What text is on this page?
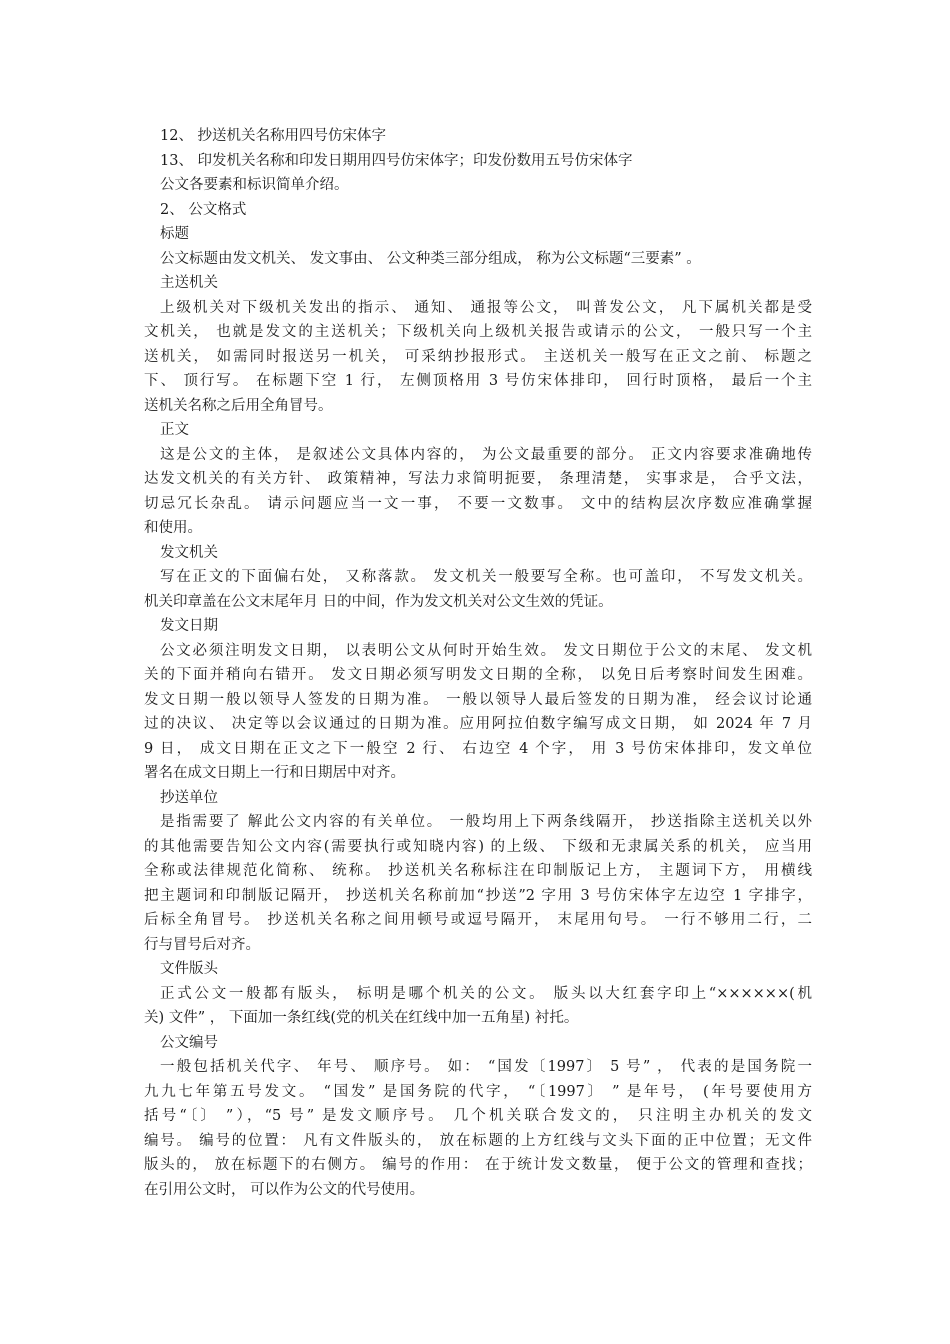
12、 抄送机关名称用四号仿宋体字
13、 印发机关名称和印发日期用四号仿宋体字；印发份数用五号仿宋体字
公文各要素和标识简单介绍。
2、 公文格式
标题
公文标题由发文机关、 发文事由、 公文种类三部分组成， 称为公文标题“三要素” 。
主送机关
上级机关对下级机关发出的指示、 通知、 通报等公文， 叫普发公文， 凡下属机关都是受
文机关， 也就是发文的主送机关；下级机关向上级机关报告或请示的公文， 一般只写一个主
送机关， 如需同时报送另一机关， 可采纳抄报形式。 主送机关一般写在正文之前、 标题之
下、 顶行写。 在标题下空 1 行， 左侧顶格用 3 号仿宋体排印， 回行时顶格， 最后一个主
送机关名称之后用全角冒号。
正文
这是公文的主体， 是叙述公文具体内容的， 为公文最重要的部分。 正文内容要求准确地传
达发文机关的有关方针、 政策精神，写法力求简明扼要， 条理清楚， 实事求是， 合乎文法，
切忌冗长杂乱。 请示问题应当一文一事， 不要一文数事。 文中的结构层次序数应准确掌握
和使用。
发文机关
写在正文的下面偏右处， 又称落款。 发文机关一般要写全称。也可盖印， 不写发文机关。
机关印章盖在公文末尾年月 日的中间，作为发文机关对公文生效的凭证。
发文日期
公文必须注明发文日期， 以表明公文从何时开始生效。 发文日期位于公文的末尾、 发文机
关的下面并稍向右错开。 发文日期必须写明发文日期的全称， 以免日后考察时间发生困难。
发文日期一般以领导人签发的日期为准。 一般以领导人最后签发的日期为准， 经会议讨论通
过的决议、 决定等以会议通过的日期为准。应用阿拉伯数字编写成文日期， 如 2024 年 7 月
9 日， 成文日期在正文之下一般空 2 行、 右边空 4 个字， 用 3 号仿宋体排印，发文单位
署名在成文日期上一行和日期居中对齐。
抄送单位
是指需要了 解此公文内容的有关单位。 一般均用上下两条线隔开， 抄送指除主送机关以外
的其他需要告知公文内容(需要执行或知晓内容) 的上级、 下级和无隶属关系的机关， 应当用
全称或法律规范化简称、 统称。 抄送机关名称标注在印制版记上方， 主题词下方， 用横线
把主题词和印制版记隔开， 抄送机关名称前加“抄送”2 字用 3 号仿宋体字左边空 1 字排字，
后标全角冒号。 抄送机关名称之间用顿号或逗号隔开， 末尾用句号。 一行不够用二行，二
行与冒号后对齐。
文件版头
正式公文一般都有版头， 标明是哪个机关的公文。 版头以大红套字印上“××××××(机
关) 文件” ， 下面加一条红线(党的机关在红线中加一五角星) 衬托。
公文编号
一般包括机关代字、 年号、 顺序号。 如： “国发〔1997〕 5 号” ， 代表的是国务院一
九九七年第五号发文。 “国发” 是国务院的代字， “〔1997〕 ” 是年号， (年号要使用方
括号“〔〕 ”），“5 号” 是发文顺序号。 几个机关联合发文的， 只注明主办机关的发文
编号。 编号的位置： 凡有文件版头的， 放在标题的上方红线与文头下面的正中位置；无文件
版头的， 放在标题下的右侧方。 编号的作用： 在于统计发文数量， 便于公文的管理和查找；
在引用公文时， 可以作为公文的代号使用。
